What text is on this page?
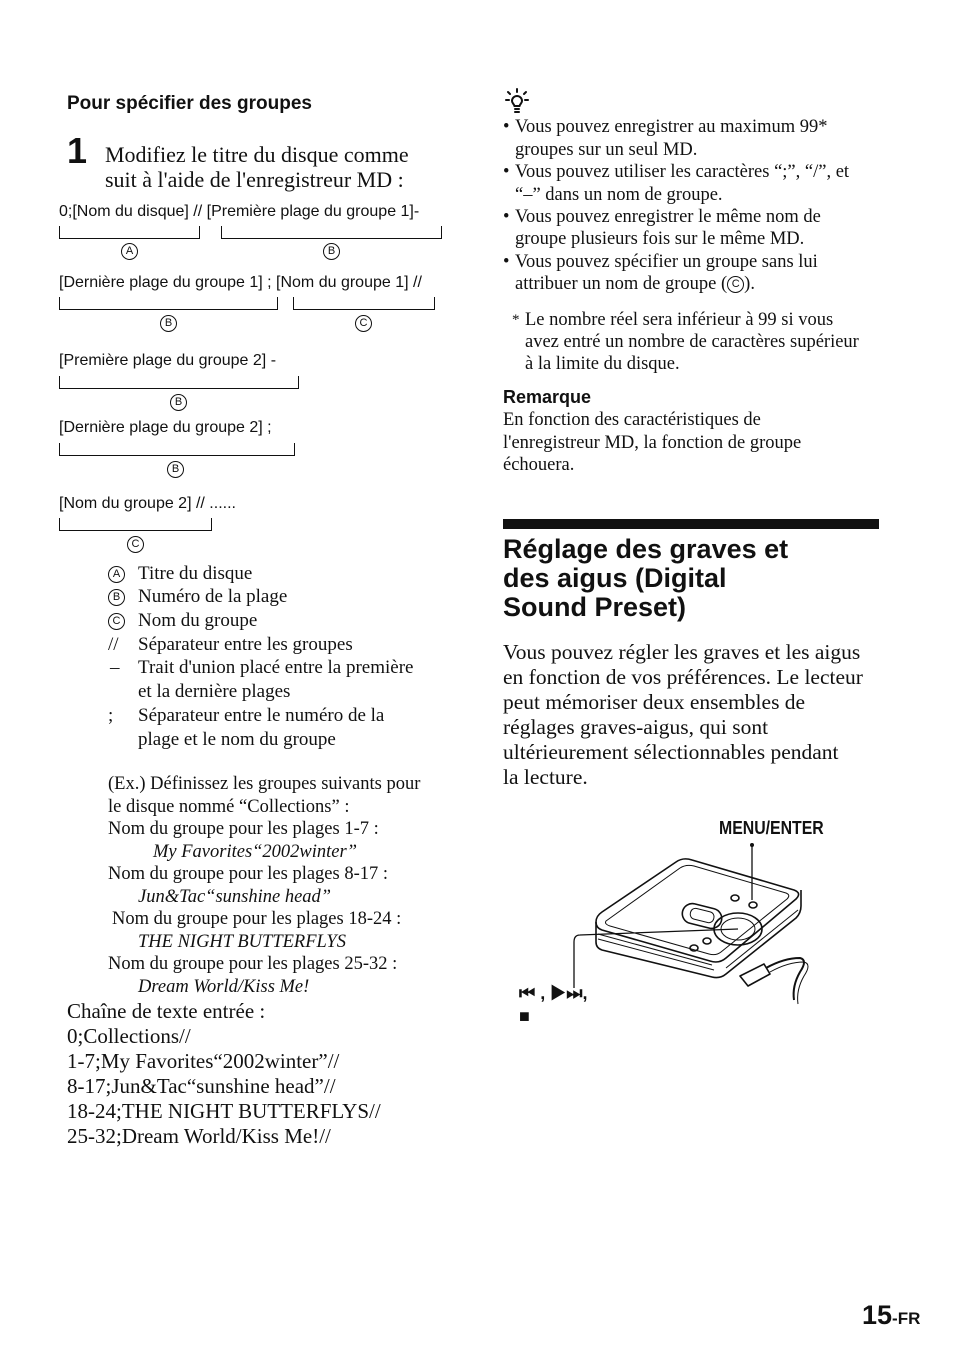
Pour spécifier des groupes
1 Modifiez le titre du disque comme
suit à l'aide de l'enregistreur MD :
0;[Nom du disque] // [Première plage du groupe 1]-
A	B
[Dernière plage du groupe 1] ; [Nom du groupe 1] //
B	C
[Première plage du groupe 2] -
B
[Dernière plage du groupe 2] ;
B
[Nom du groupe 2] // ......
C
A Titre du disque
B Numéro de la plage
C Nom du groupe
// Séparateur entre les groupes
– Trait d'union placé entre la première
et la dernière plages
; Séparateur entre le numéro de la
plage et le nom du groupe
(Ex.) Définissez les groupes suivants pour
le disque nommé “Collections” :
Nom du groupe pour les plages 1-7 :
My Favorites“2002winter”
Nom du groupe pour les plages 8-17 :
Jun&Tac“sunshine head”
Nom du groupe pour les plages 18-24 :
THE NIGHT BUTTERFLYS
Nom du groupe pour les plages 25-32 :
Dream World/Kiss Me!
Chaîne de texte entrée :
0;Collections//
1-7;My Favorites“2002winter”//
8-17;Jun&Tac“sunshine head”//
18-24;THE NIGHT BUTTERFLYS//
25-32;Dream World/Kiss Me!//
• Vous pouvez enregistrer au maximum 99*
groupes sur un seul MD.
• Vous pouvez utiliser les caractères “;”, “/”, et
“–” dans un nom de groupe.
• Vous pouvez enregistrer le même nom de
groupe plusieurs fois sur le même MD.
• Vous pouvez spécifier un groupe sans lui
attribuer un nom de groupe ( C ).
* Le nombre réel sera inférieur à 99 si vous
avez entré un nombre de caractères supérieur
à la limite du disque.
Remarque
En fonction des caractéristiques de
l'enregistreur MD, la fonction de groupe
échouera.
Réglage des graves et
des aigus (Digital
Sound Preset)
Vous pouvez régler les graves et les aigus
en fonction de vos préférences. Le lecteur
peut mémoriser deux ensembles de
réglages graves-aigus, qui sont
ultérieurement sélectionnables pendant
la lecture.
MENU/ENTER
⏮ , ▶⏭,
■
15-FR
